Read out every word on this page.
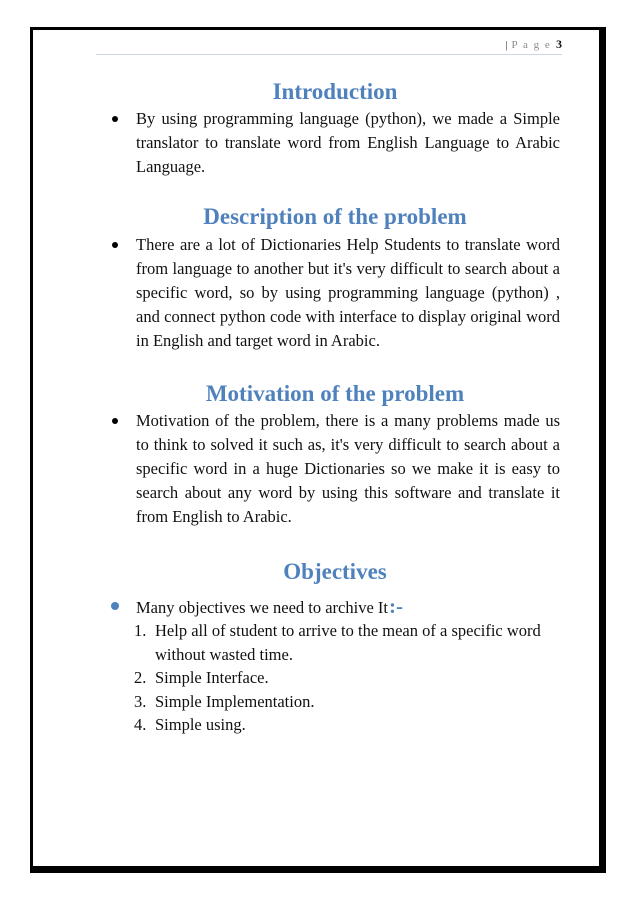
| P a g e 3
Introduction

By using programming language (python), we made a Simple translator to translate word from English Language to Arabic Language.

Description of the problem

There are a lot of Dictionaries Help Students to translate word from language to another but it's very difficult to search about a specific word, so by using programming language (python) , and connect python code with interface to display original word in English and target word in Arabic.

Motivation of the problem

Motivation of the problem, there is a many problems made us to think to solved it such as, it's very difficult to search about a specific word in a huge Dictionaries so we make it is easy to search about any word by using this software and translate it from English to Arabic.

Objectives

Many objectives we need to archive It:-

1. Help all of student to arrive to the mean of a specific word without wasted time.
2. Simple Interface.
3. Simple Implementation.
4. Simple using.
